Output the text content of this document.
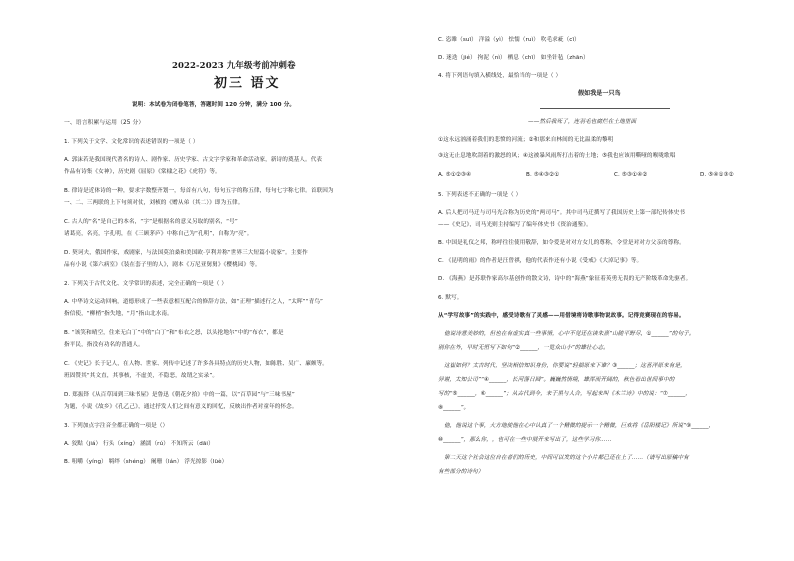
2022-2023 九年级考前冲刺卷
初三 语文
说明：本试卷为闭卷笔答，答题时间 120 分钟，满分 100 分。
一、语言积累与运用（25 分）
1. 下列关于文学、文化常识的表述错误的一项是（ ）
A. 郭沫若是我国现代著名的诗人、剧作家、历史学家、古文字学家和革命活动家，新诗的奠基人。代表
作品有诗集《女神》，历史剧《屈原》《棠棣之花》《虎符》等。
B. 律诗是近体诗的一种，要求字数整齐划一，每首有八句，每句五字的称五律，每句七字称七律。首联因为
一、二、三两联的上下句须对仗，刘桢的《赠从弟（其二）》即为五律。
C. 古人的“名”是自己的本名，“字”是根据名的意义另取的别名，“号”
诸葛亮，名亮，字孔明，在《三顾茅庐》中称自己为“孔明”，自称为“亮”。
D. 契诃夫，俄国作家，戏剧家，与法国莫泊桑和美国欧·亨利并称“世界三大短篇小说家”。主要作
品有小说《第六病室》《装在套子里的人》，剧本《万尼亚舅舅》《樱桃园》等。
2. 下列关于古代文化、文学常识的表述，完全正确的一项是（ ）
A. 中华诗文运动回响，道德形成了一些表意相互配合的修辞方法，如“正理”描述行之人，“太晖”“青鸟”
指信使，“柳梢”指失地，“月”指山北水南。
B. “该笑和晴空，住来无白丁”中的“白丁”和“布衣之怒，以头抢地尔”中的“布衣”，都是
指平民，指没有功名的普通人。
C. 《史记》长于记人，在人物、世家、列传中记述了许多各具特点的历史人物，如陈胜、吴广、廉颇等。
班固赞其“其文直，其事核，不虚美，不隐恶，故谓之实录”。
D. 郑振铎《从百草园到三味书屋》是鲁迅《朝花夕拾》中的一篇，以“百草园”与“三味书屋”
为题，小说《故乡》《孔乙己》，通过抒发人们之间有意义的回忆，反映出作者对童年的怀念。
3. 下列加点字注音全都正确的一项是（）
A. 狡黠（jiá） 行头（xíng） 涵濡（rú） 不知所云（dāi）
B. 咀嚼（yíng） 羁绊（shéng） 阑珊（lán） 浮光掠影（lüè）
C. 恣睢（suī） 洋溢（yì） 怯懦（ruì） 吹毛求疵（cī）
D. 迷迭（jié） 拘泥（nì） 栖息（chī） 如坐针毡（zhān）
4. 将下列语句填入横线处，最恰当的一项是（ ）
假如我是一只鸟
——然后我死了，连羽毛也腐烂在土地里面
①这永远汹涌着我们的悲愤的河流；②和那来自林间的无比温柔的黎明
③这无止息地吹刮着的激怒的风；④这被暴风雨所打击着的土地；⑤我也应该用嘶哑的喉咙歌唱
A. ⑤①②③④	B. ⑤④③②①	C. ⑤③①④②	D. ⑤④①③②
5. 下列表述不正确的一项是（ ）
A. 后人把司马迁与司马光合称为历史的“两司马”。其中司马迁撰写了我国历史上第一部纪传体史书
——《史记》，司马光则主持编写了编年体史书《资治通鉴》。
B. 中国是礼仪之邦，称呼往往使用敬辞，如令爱是对对方女儿的尊称，令堂是对对方父亲的尊称。
C. 《昆明的雨》的作者是汪曾祺，他的代表作还有小说《受戒》《大淖记事》等。
D. 《海燕》是苏联作家高尔基创作的散文诗，诗中的“海燕”象征着英勇无畏的无产阶级革命先驱者。
6. 默写。
从“学写故事”的实践中，感受诗歌有了灵感——用借境将诗歌事物说故事。记得竞赛现在的容易。
他说诗意美妙的，但也在有虚实真一些事情，心中不觉还在读朱熹“山随平野尽，①______”的句子。
别你在外，早时无恒写下如句“②______，一览众山小”的雄壮心志。
这崔如何？太吉时代，坚决相信知识身份，你要说“轻描原来下谁？③______；这喜洋原来有是，
异谢，太知公司”“④______，长河落日圆”。巍巍然情境，雄浑而开阔的，秋色看出世间事中的
写的“⑤______，⑥______”；从古代到今，来于黑与人合，写起来叫《木兰诗》中的说：“⑦______，
⑧______”。
他，他说这个事，大方地使他在心中认真了一个精微的提示一个精微，巨欢将《岳阳楼记》所说“⑨______，
⑩______”，那么你，，也可在一些中展开来写出了，这些学习你……
第二天这个社会这位自在者们的历史，中间可以发的这个小片都已还在上了……（请写出原稿中有
有些部分的诗句）
